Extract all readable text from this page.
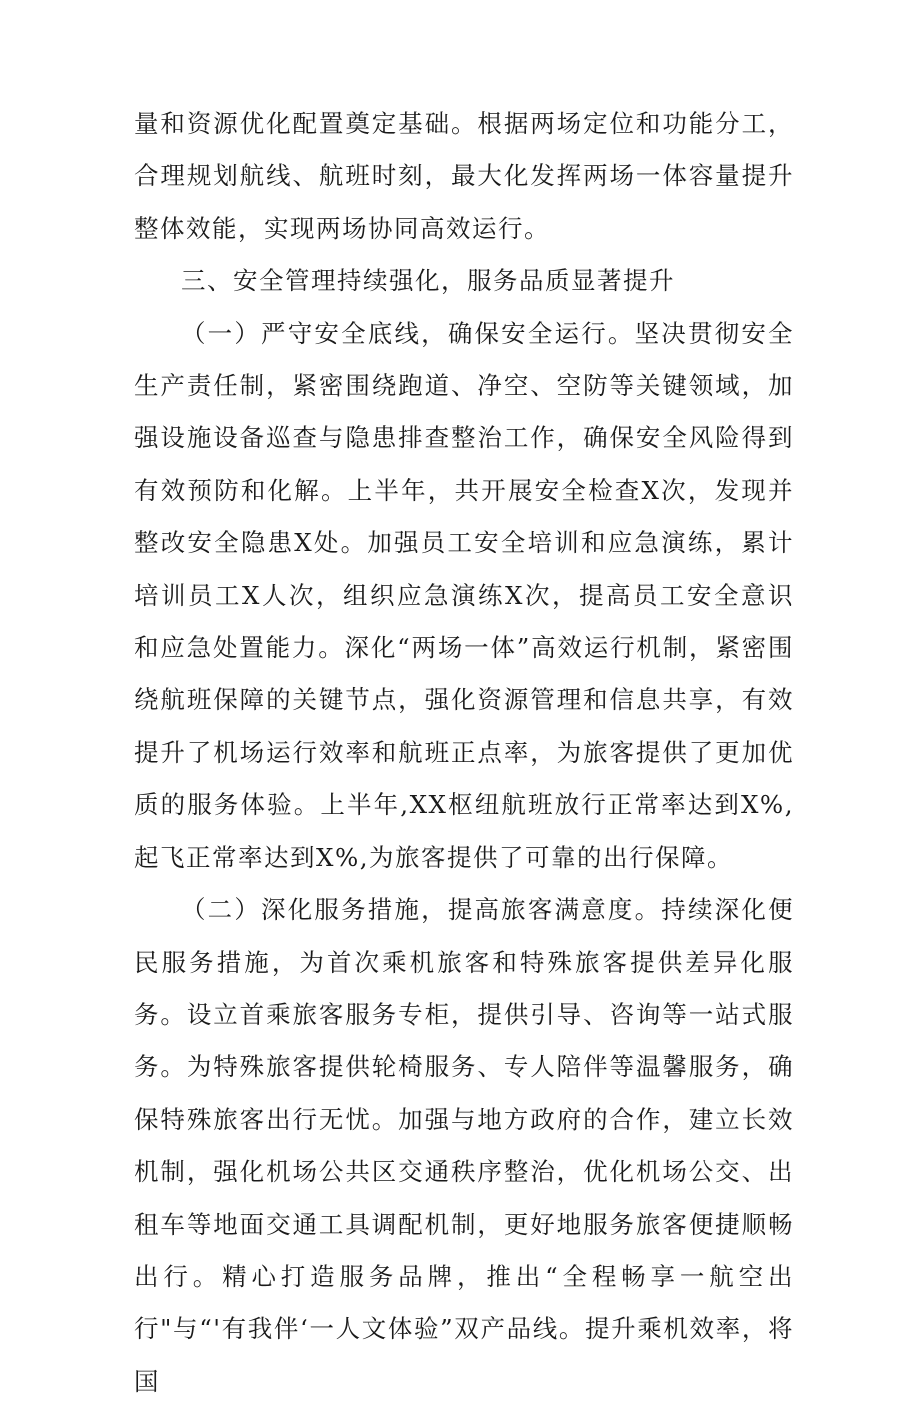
量和资源优化配置奠定基础。根据两场定位和功能分工，合理规划航线、航班时刻，最大化发挥两场一体容量提升整体效能，实现两场协同高效运行。

三、安全管理持续强化，服务品质显著提升

（一）严守安全底线，确保安全运行。坚决贯彻安全生产责任制，紧密围绕跑道、净空、空防等关键领域，加强设施设备巡查与隐患排查整治工作，确保安全风险得到有效预防和化解。上半年，共开展安全检查X次，发现并整改安全隐患X处。加强员工安全培训和应急演练，累计培训员工X人次，组织应急演练X次，提高员工安全意识和应急处置能力。深化“两场一体”高效运行机制，紧密围绕航班保障的关键节点，强化资源管理和信息共享，有效提升了机场运行效率和航班正点率，为旅客提供了更加优质的服务体验。上半年,XX枢纽航班放行正常率达到X%,起飞正常率达到X%,为旅客提供了可靠的出行保障。

（二）深化服务措施，提高旅客满意度。持续深化便民服务措施，为首次乘机旅客和特殊旅客提供差异化服务。设立首乘旅客服务专柜，提供引导、咨询等一站式服务。为特殊旅客提供轮椅服务、专人陪伴等温馨服务，确保特殊旅客出行无忧。加强与地方政府的合作，建立长效机制，强化机场公共区交通秩序整治，优化机场公交、出租车等地面交通工具调配机制，更好地服务旅客便捷顺畅出行。精心打造服务品牌，推出“全程畅享一航空出行"与“'有我伴‘一人文体验”双产品线。提升乘机效率，将国
